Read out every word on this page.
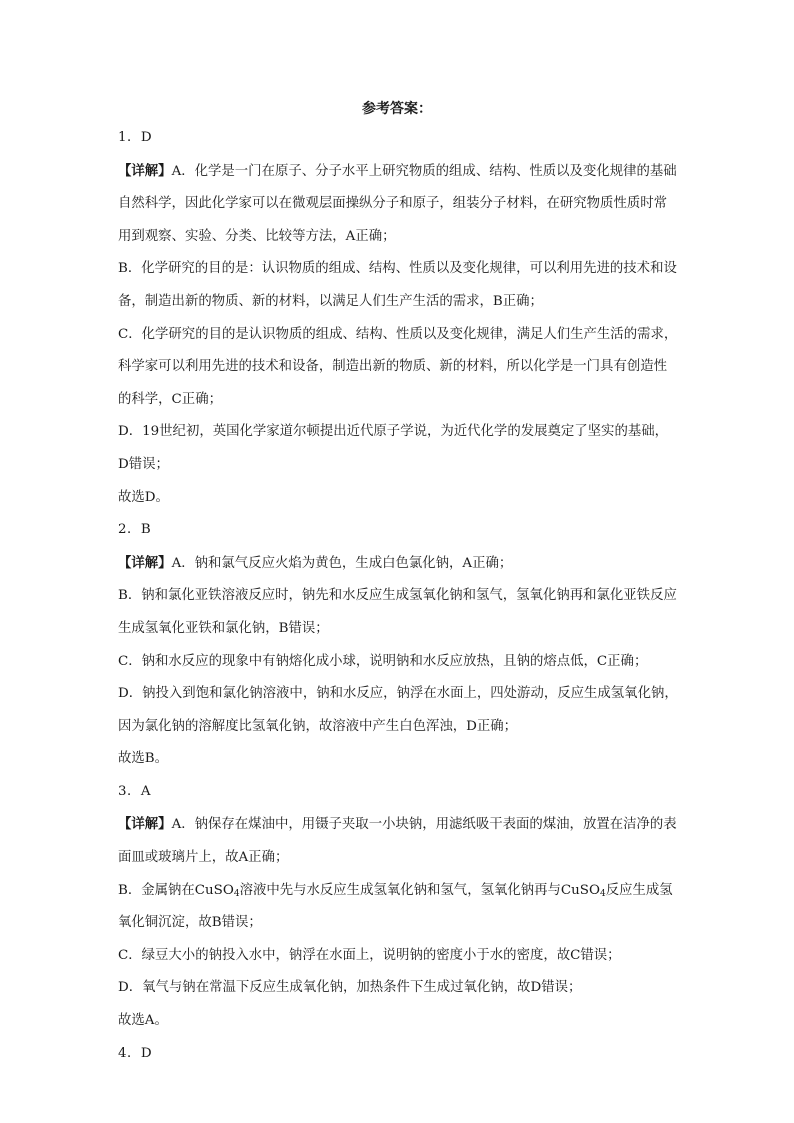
参考答案：

1．D

【详解】A．化学是一门在原子、分子水平上研究物质的组成、结构、性质以及变化规律的基础自然科学，因此化学家可以在微观层面操纵分子和原子，组装分子材料，在研究物质性质时常用到观察、实验、分类、比较等方法，A正确；

B．化学研究的目的是：认识物质的组成、结构、性质以及变化规律，可以利用先进的技术和设备，制造出新的物质、新的材料，以满足人们生产生活的需求，B正确；

C．化学研究的目的是认识物质的组成、结构、性质以及变化规律，满足人们生产生活的需求，科学家可以利用先进的技术和设备，制造出新的物质、新的材料，所以化学是一门具有创造性的科学，C正确；

D．19世纪初，英国化学家道尔顿提出近代原子学说，为近代化学的发展奠定了坚实的基础，D错误；

故选D。

2．B

【详解】A．钠和氯气反应火焰为黄色，生成白色氯化钠，A正确；

B．钠和氯化亚铁溶液反应时，钠先和水反应生成氢氧化钠和氢气，氢氧化钠再和氯化亚铁反应生成氢氧化亚铁和氯化钠，B错误；

C．钠和水反应的现象中有钠熔化成小球，说明钠和水反应放热，且钠的熔点低，C正确；

D．钠投入到饱和氯化钠溶液中，钠和水反应，钠浮在水面上，四处游动，反应生成氢氧化钠，因为氯化钠的溶解度比氢氧化钠，故溶液中产生白色浑浊，D正确；

故选B。

3．A

【详解】A．钠保存在煤油中，用镊子夹取一小块钠，用滤纸吸干表面的煤油，放置在洁净的表面皿或玻璃片上，故A正确；

B．金属钠在CuSO$_4$溶液中先与水反应生成氢氧化钠和氢气，氢氧化钠再与CuSO$_4$反应生成氢氧化铜沉淀，故B错误；

C．绿豆大小的钠投入水中，钠浮在水面上，说明钠的密度小于水的密度，故C错误；

D．氧气与钠在常温下反应生成氧化钠，加热条件下生成过氧化钠，故D错误；

故选A。

4．D
